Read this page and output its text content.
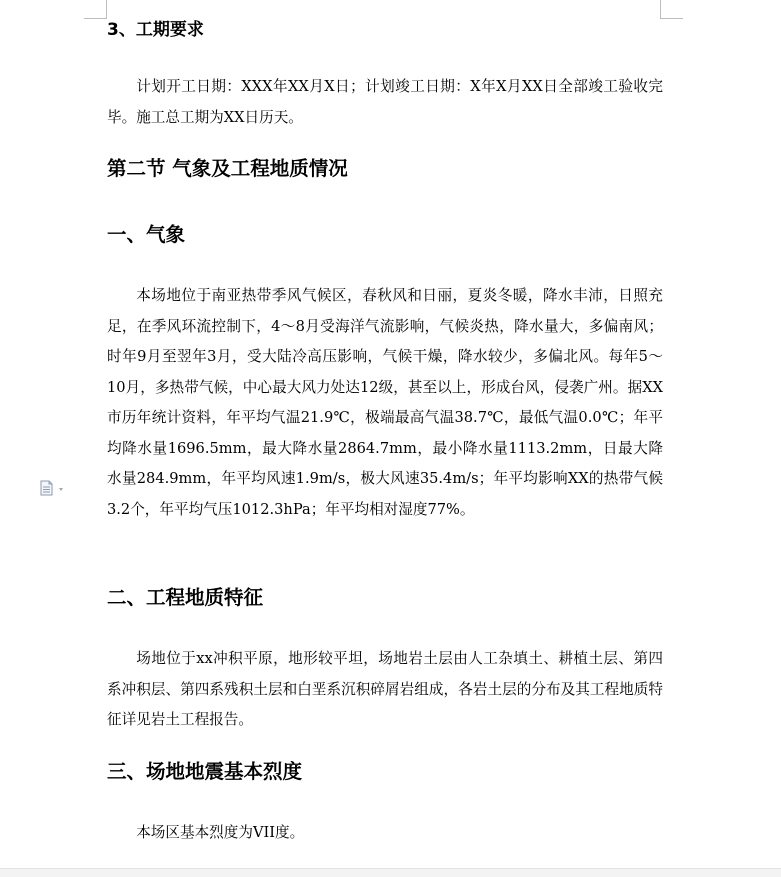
3、工期要求
计划开工日期：XXX年XX月X日；计划竣工日期：X年X月XX日全部竣工验收完毕。施工总工期为XX日历天。
第二节 气象及工程地质情况
一、气象
本场地位于南亚热带季风气候区，春秋风和日丽，夏炎冬暖，降水丰沛，日照充足，在季风环流控制下，4～8月受海洋气流影响，气候炎热，降水量大，多偏南风；时年9月至翌年3月，受大陆冷高压影响，气候干燥，降水较少，多偏北风。每年5～10月，多热带气候，中心最大风力处达12级，甚至以上，形成台风，侵袭广州。据XX市历年统计资料，年平均气温21.9℃，极端最高气温38.7℃，最低气温0.0℃；年平均降水量1696.5mm，最大降水量2864.7mm，最小降水量1113.2mm，日最大降水量284.9mm，年平均风速1.9m/s，极大风速35.4m/s；年平均影响XX的热带气候3.2个，年平均气压1012.3hPa；年平均相对湿度77%。
二、工程地质特征
场地位于xx冲积平原，地形较平坦，场地岩土层由人工杂填土、耕植土层、第四系冲积层、第四系残积土层和白垩系沉积碎屑岩组成，各岩土层的分布及其工程地质特征详见岩土工程报告。
三、场地地震基本烈度
本场区基本烈度为VII度。
